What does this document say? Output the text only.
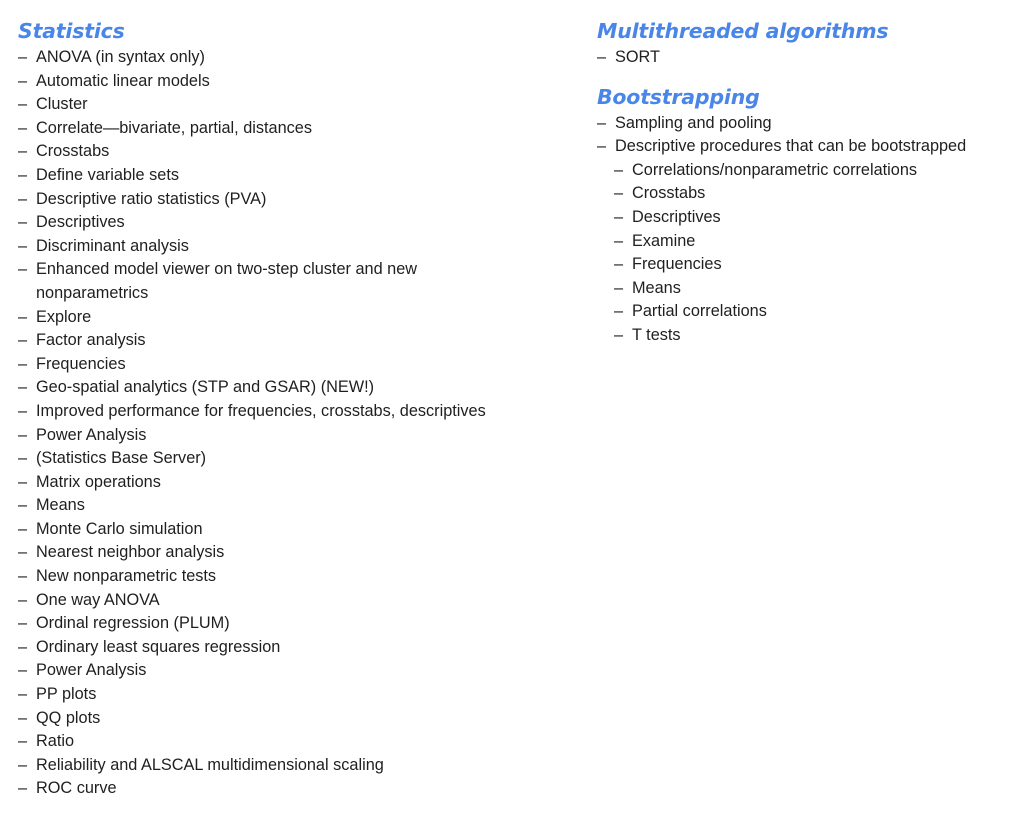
Statistics
– ANOVA (in syntax only)
– Automatic linear models
– Cluster
– Correlate—bivariate, partial, distances
– Crosstabs
– Define variable sets
– Descriptive ratio statistics (PVA)
– Descriptives
– Discriminant analysis
– Enhanced model viewer on two-step cluster and new nonparametrics
– Explore
– Factor analysis
– Frequencies
– Geo-spatial analytics (STP and GSAR) (NEW!)
– Improved performance for frequencies, crosstabs, descriptives
– Power Analysis
– (Statistics Base Server)
– Matrix operations
– Means
– Monte Carlo simulation
– Nearest neighbor analysis
– New nonparametric tests
– One way ANOVA
– Ordinal regression (PLUM)
– Ordinary least squares regression
– Power Analysis
– PP plots
– QQ plots
– Ratio
– Reliability and ALSCAL multidimensional scaling
– ROC curve
Multithreaded algorithms
– SORT
Bootstrapping
– Sampling and pooling
– Descriptive procedures that can be bootstrapped
– Correlations/nonparametric correlations
– Crosstabs
– Descriptives
– Examine
– Frequencies
– Means
– Partial correlations
– T tests
